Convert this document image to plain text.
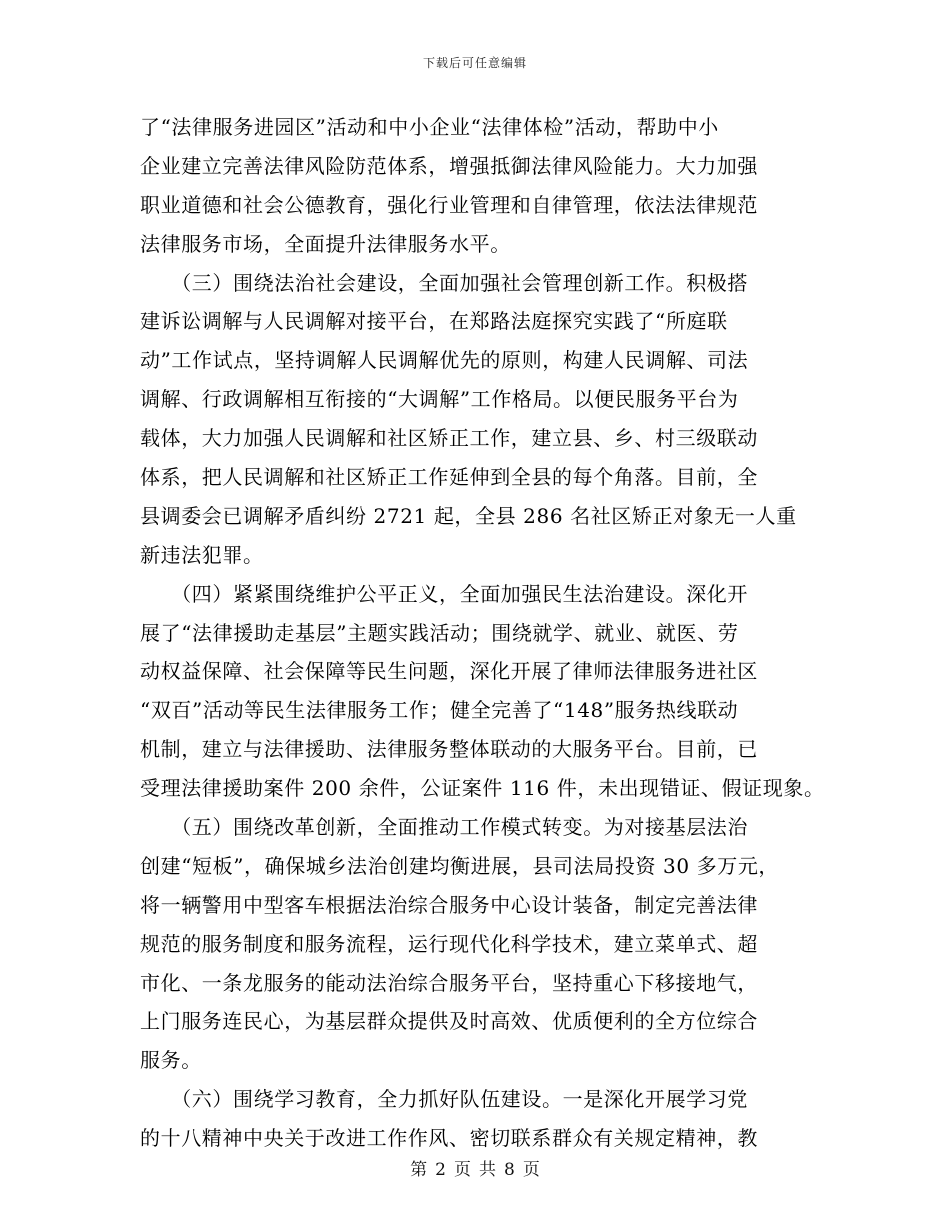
下载后可任意编辑
了“法律服务进园区”活动和中小企业“法律体检”活动，帮助中小
企业建立完善法律风险防范体系，增强抵御法律风险能力。大力加强
职业道德和社会公德教育，强化行业管理和自律管理，依法法律规范
法律服务市场，全面提升法律服务水平。
　　（三）围绕法治社会建设，全面加强社会管理创新工作。积极搭
建诉讼调解与人民调解对接平台，在郑路法庭探究实践了“所庭联
动”工作试点，坚持调解人民调解优先的原则，构建人民调解、司法
调解、行政调解相互衔接的“大调解”工作格局。以便民服务平台为
载体，大力加强人民调解和社区矫正工作，建立县、乡、村三级联动
体系，把人民调解和社区矫正工作延伸到全县的每个角落。目前，全
县调委会已调解矛盾纠纷 2721 起，全县 286 名社区矫正对象无一人重
新违法犯罪。
　　（四）紧紧围绕维护公平正义，全面加强民生法治建设。深化开
展了“法律援助走基层”主题实践活动；围绕就学、就业、就医、劳
动权益保障、社会保障等民生问题，深化开展了律师法律服务进社区
“双百”活动等民生法律服务工作；健全完善了“148”服务热线联动
机制，建立与法律援助、法律服务整体联动的大服务平台。目前，已
受理法律援助案件 200 余件，公证案件 116 件，未出现错证、假证现象。
　　（五）围绕改革创新，全面推动工作模式转变。为对接基层法治
创建“短板”，确保城乡法治创建均衡进展，县司法局投资 30 多万元，
将一辆警用中型客车根据法治综合服务中心设计装备，制定完善法律
规范的服务制度和服务流程，运行现代化科学技术，建立菜单式、超
市化、一条龙服务的能动法治综合服务平台，坚持重心下移接地气，
上门服务连民心，为基层群众提供及时高效、优质便利的全方位综合
服务。
　　（六）围绕学习教育，全力抓好队伍建设。一是深化开展学习党
的十八精神中央关于改进工作作风、密切联系群众有关规定精神，教
第 2 页 共 8 页
